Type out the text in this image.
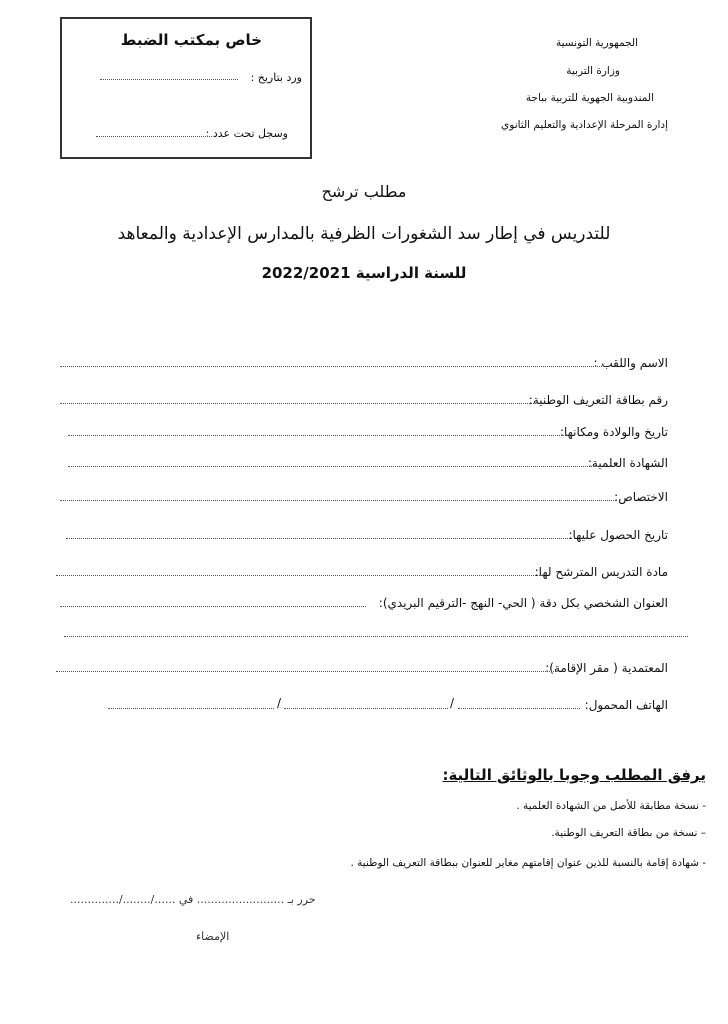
خاص بمكتب الضبط
ورد بتاريخ :
وسجل تحت عدد :
الجمهورية التونسية
وزارة التربية
المندوبية الجهوية للتربية بباجة
إدارة المرحلة الإعدادية والتعليم الثانوي
مطلب ترشح
للتدريس في إطار سد الشغورات الظرفية بالمدارس الإعدادية والمعاهد
للسنة الدراسية 2022/2021
الاسم واللقب :
رقم بطاقة التعريف الوطنية:
تاريخ والولادة ومكانها:
الشهادة العلمية:
الاختصاص:
تاريخ الحصول عليها:
مادة التدريس المترشح لها:
العنوان الشخصي بكل دقة ( الحي- النهج -الترقيم البريدي):
المعتمدية ( مقر الإقامة):
الهاتف المحمول:
/	/
يرفق المطلب وجوبا بالوثائق التالية:
- نسخة مطابقة للأصل من الشهادة العلمية .
– نسخة من بطاقة التعريف الوطنية.
- شهادة إقامة بالنسبة للذين عنوان إقامتهم مغاير للعنوان ببطاقة التعريف الوطنية .
حرر بـ ......................... في ....../......../..............
الإمضاء
